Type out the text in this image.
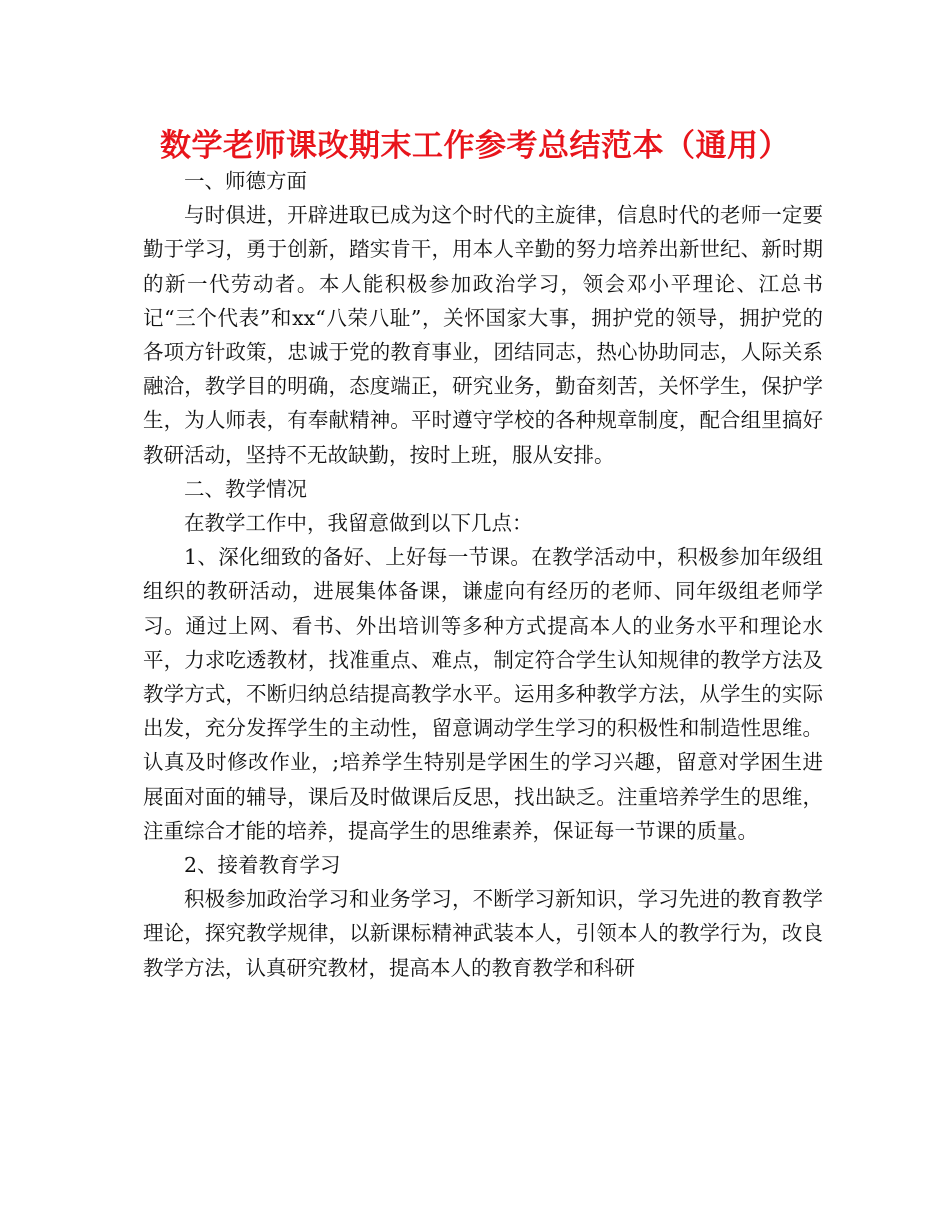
数学老师课改期末工作参考总结范本（通用）

一、师德方面

与时俱进，开辟进取已成为这个时代的主旋律，信息时代的老师一定要勤于学习，勇于创新，踏实肯干，用本人辛勤的努力培养出新世纪、新时期的新一代劳动者。本人能积极参加政治学习，领会邓小平理论、江总书记“三个代表”和xx“八荣八耻”，关怀国家大事，拥护党的领导，拥护党的各项方针政策，忠诚于党的教育事业，团结同志，热心协助同志，人际关系融洽，教学目的明确，态度端正，研究业务，勤奋刻苦，关怀学生，保护学生，为人师表，有奉献精神。平时遵守学校的各种规章制度，配合组里搞好教研活动，坚持不无故缺勤，按时上班，服从安排。

二、教学情况

在教学工作中，我留意做到以下几点：

1、深化细致的备好、上好每一节课。在教学活动中，积极参加年级组组织的教研活动，进展集体备课，谦虚向有经历的老师、同年级组老师学习。通过上网、看书、外出培训等多种方式提高本人的业务水平和理论水平，力求吃透教材，找准重点、难点，制定符合学生认知规律的教学方法及教学方式，不断归纳总结提高教学水平。运用多种教学方法，从学生的实际出发，充分发挥学生的主动性，留意调动学生学习的积极性和制造性思维。认真及时修改作业，;培养学生特别是学困生的学习兴趣，留意对学困生进展面对面的辅导，课后及时做课后反思，找出缺乏。注重培养学生的思维，注重综合才能的培养，提高学生的思维素养，保证每一节课的质量。

2、接着教育学习

积极参加政治学习和业务学习，不断学习新知识，学习先进的教育教学理论，探究教学规律，以新课标精神武装本人，引领本人的教学行为，改良教学方法，认真研究教材，提高本人的教育教学和科研
